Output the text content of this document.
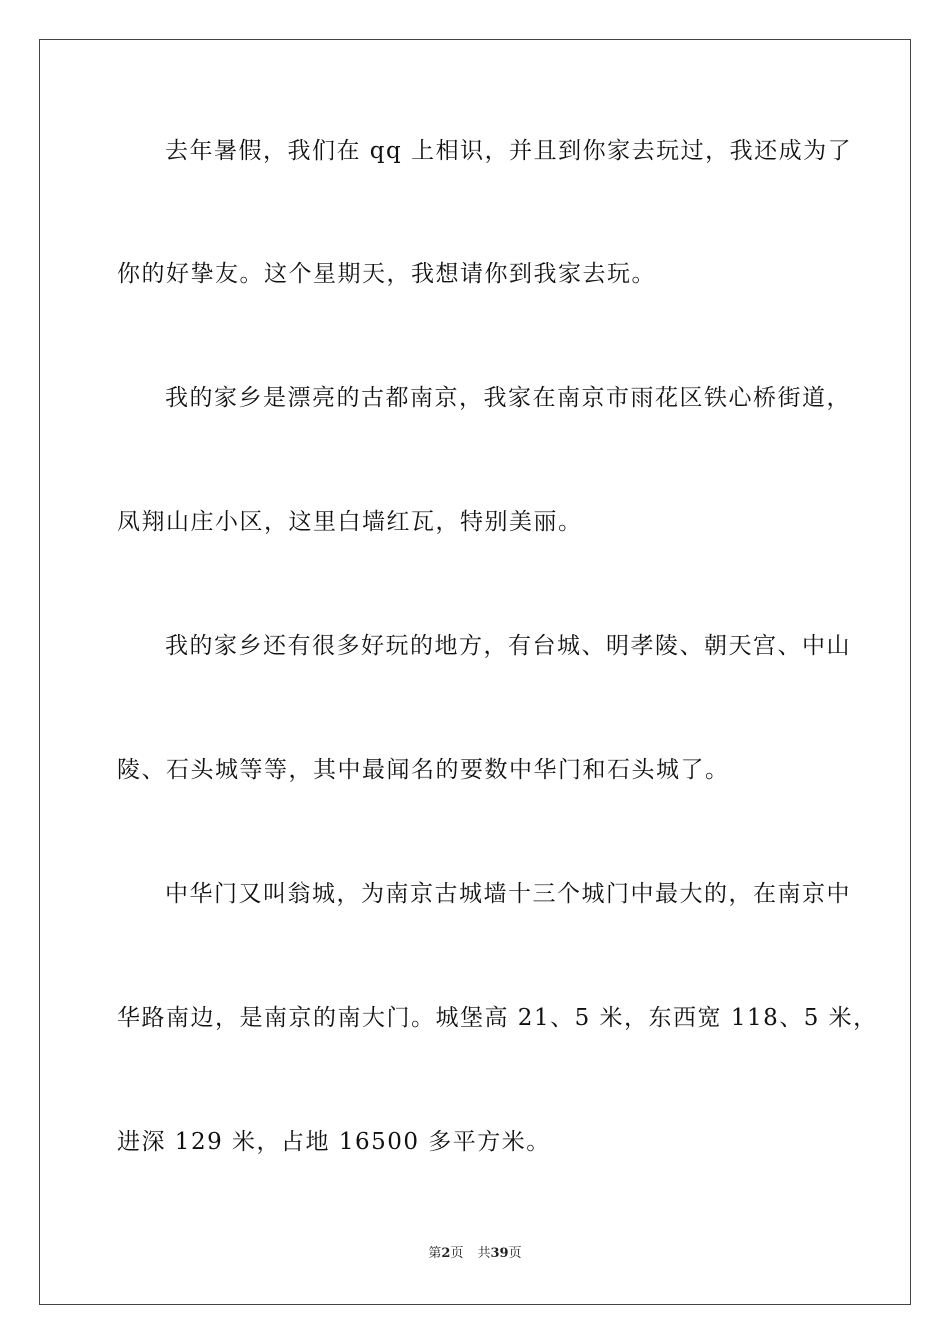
去年暑假，我们在 qq 上相识，并且到你家去玩过，我还成为了
你的好挚友。这个星期天，我想请你到我家去玩。
我的家乡是漂亮的古都南京，我家在南京市雨花区铁心桥街道，
凤翔山庄小区，这里白墙红瓦，特别美丽。
我的家乡还有很多好玩的地方，有台城、明孝陵、朝天宫、中山
陵、石头城等等，其中最闻名的要数中华门和石头城了。
中华门又叫翁城，为南京古城墙十三个城门中最大的，在南京中
华路南边，是南京的南大门。城堡高 21、5 米，东西宽 118、5 米，
进深 129 米，占地 16500 多平方米。
第2页 共39页
